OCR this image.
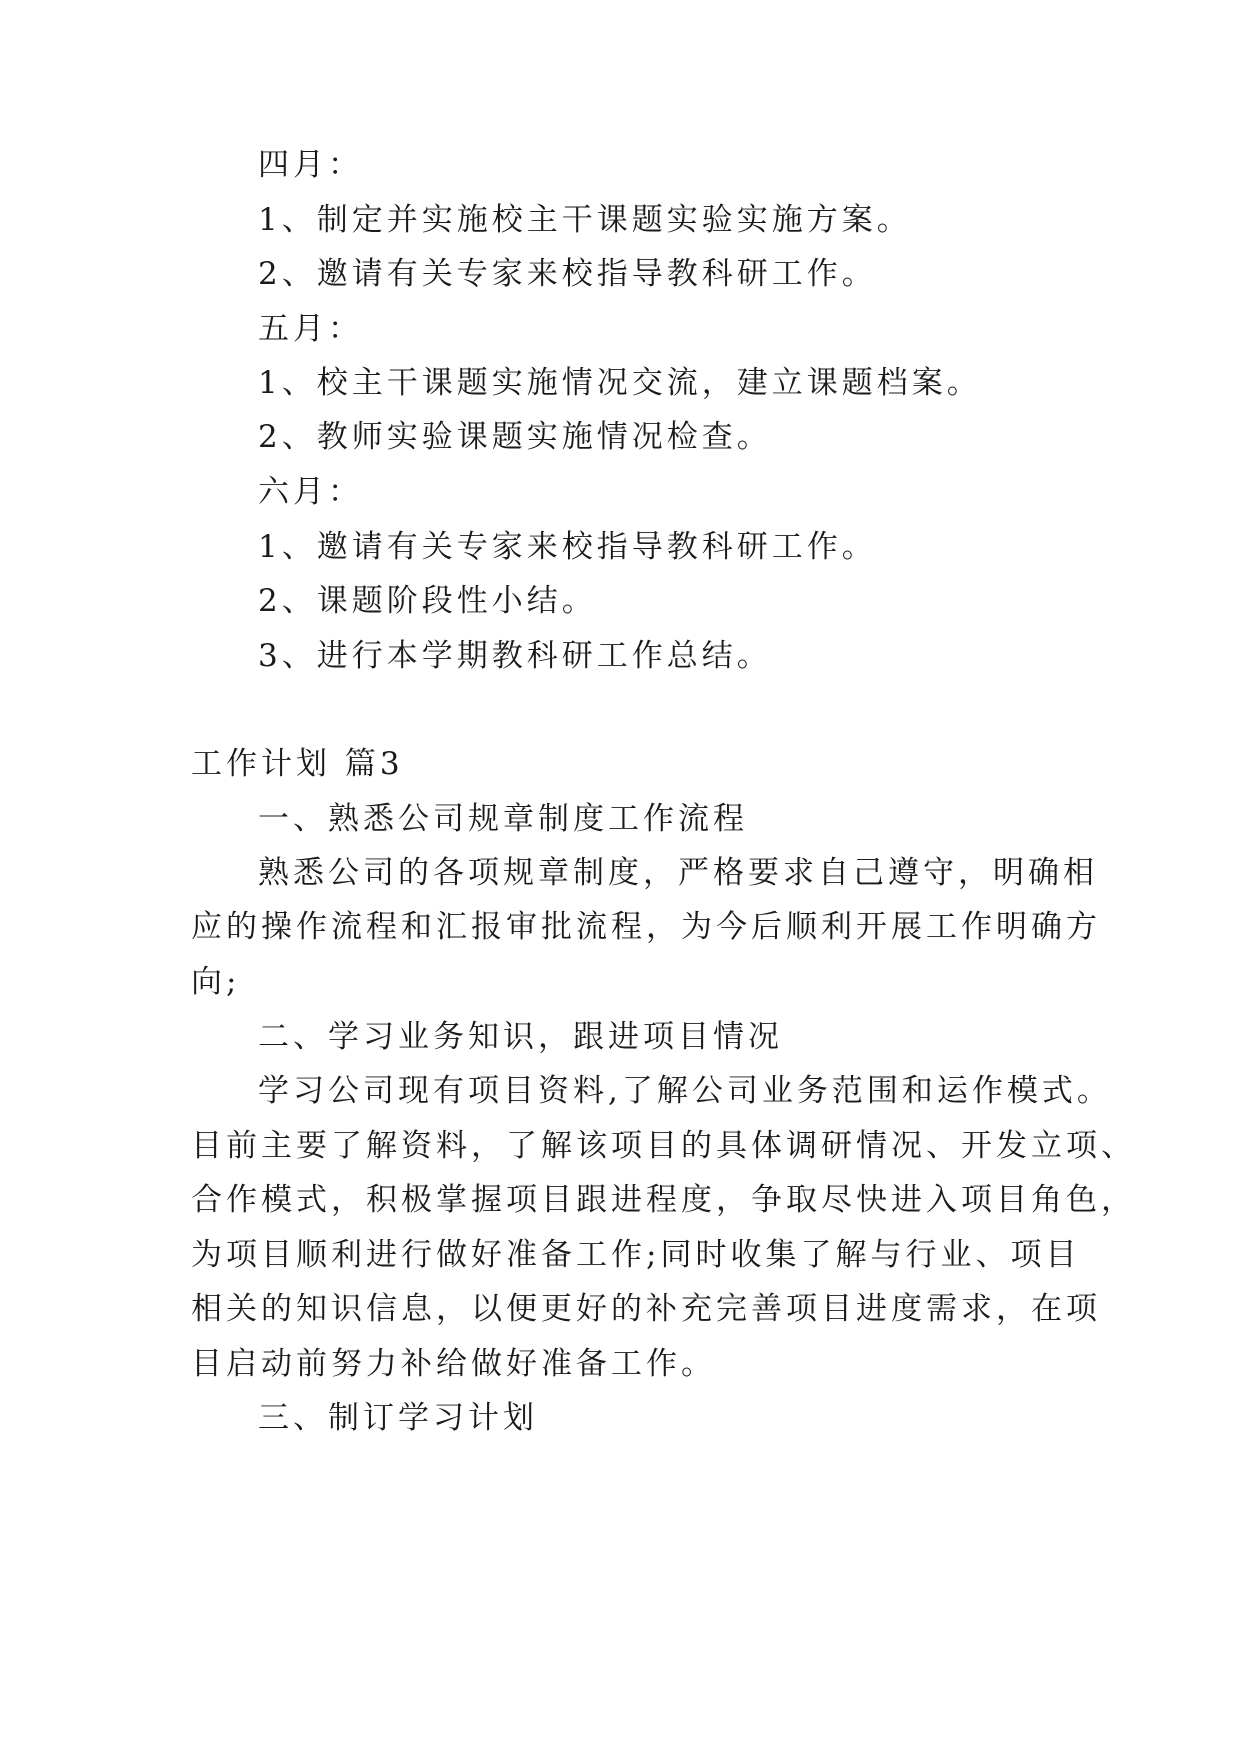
四月：
1、制定并实施校主干课题实验实施方案。
2、邀请有关专家来校指导教科研工作。
五月：
1、校主干课题实施情况交流，建立课题档案。
2、教师实验课题实施情况检查。
六月：
1、邀请有关专家来校指导教科研工作。
2、课题阶段性小结。
3、进行本学期教科研工作总结。
工作计划 篇3
一、熟悉公司规章制度工作流程
熟悉公司的各项规章制度，严格要求自己遵守，明确相
应的操作流程和汇报审批流程，为今后顺利开展工作明确方
向;
二、学习业务知识，跟进项目情况
学习公司现有项目资料,了解公司业务范围和运作模式。
目前主要了解资料，了解该项目的具体调研情况、开发立项、
合作模式，积极掌握项目跟进程度，争取尽快进入项目角色，
为项目顺利进行做好准备工作;同时收集了解与行业、项目
相关的知识信息，以便更好的补充完善项目进度需求，在项
目启动前努力补给做好准备工作。
三、制订学习计划
